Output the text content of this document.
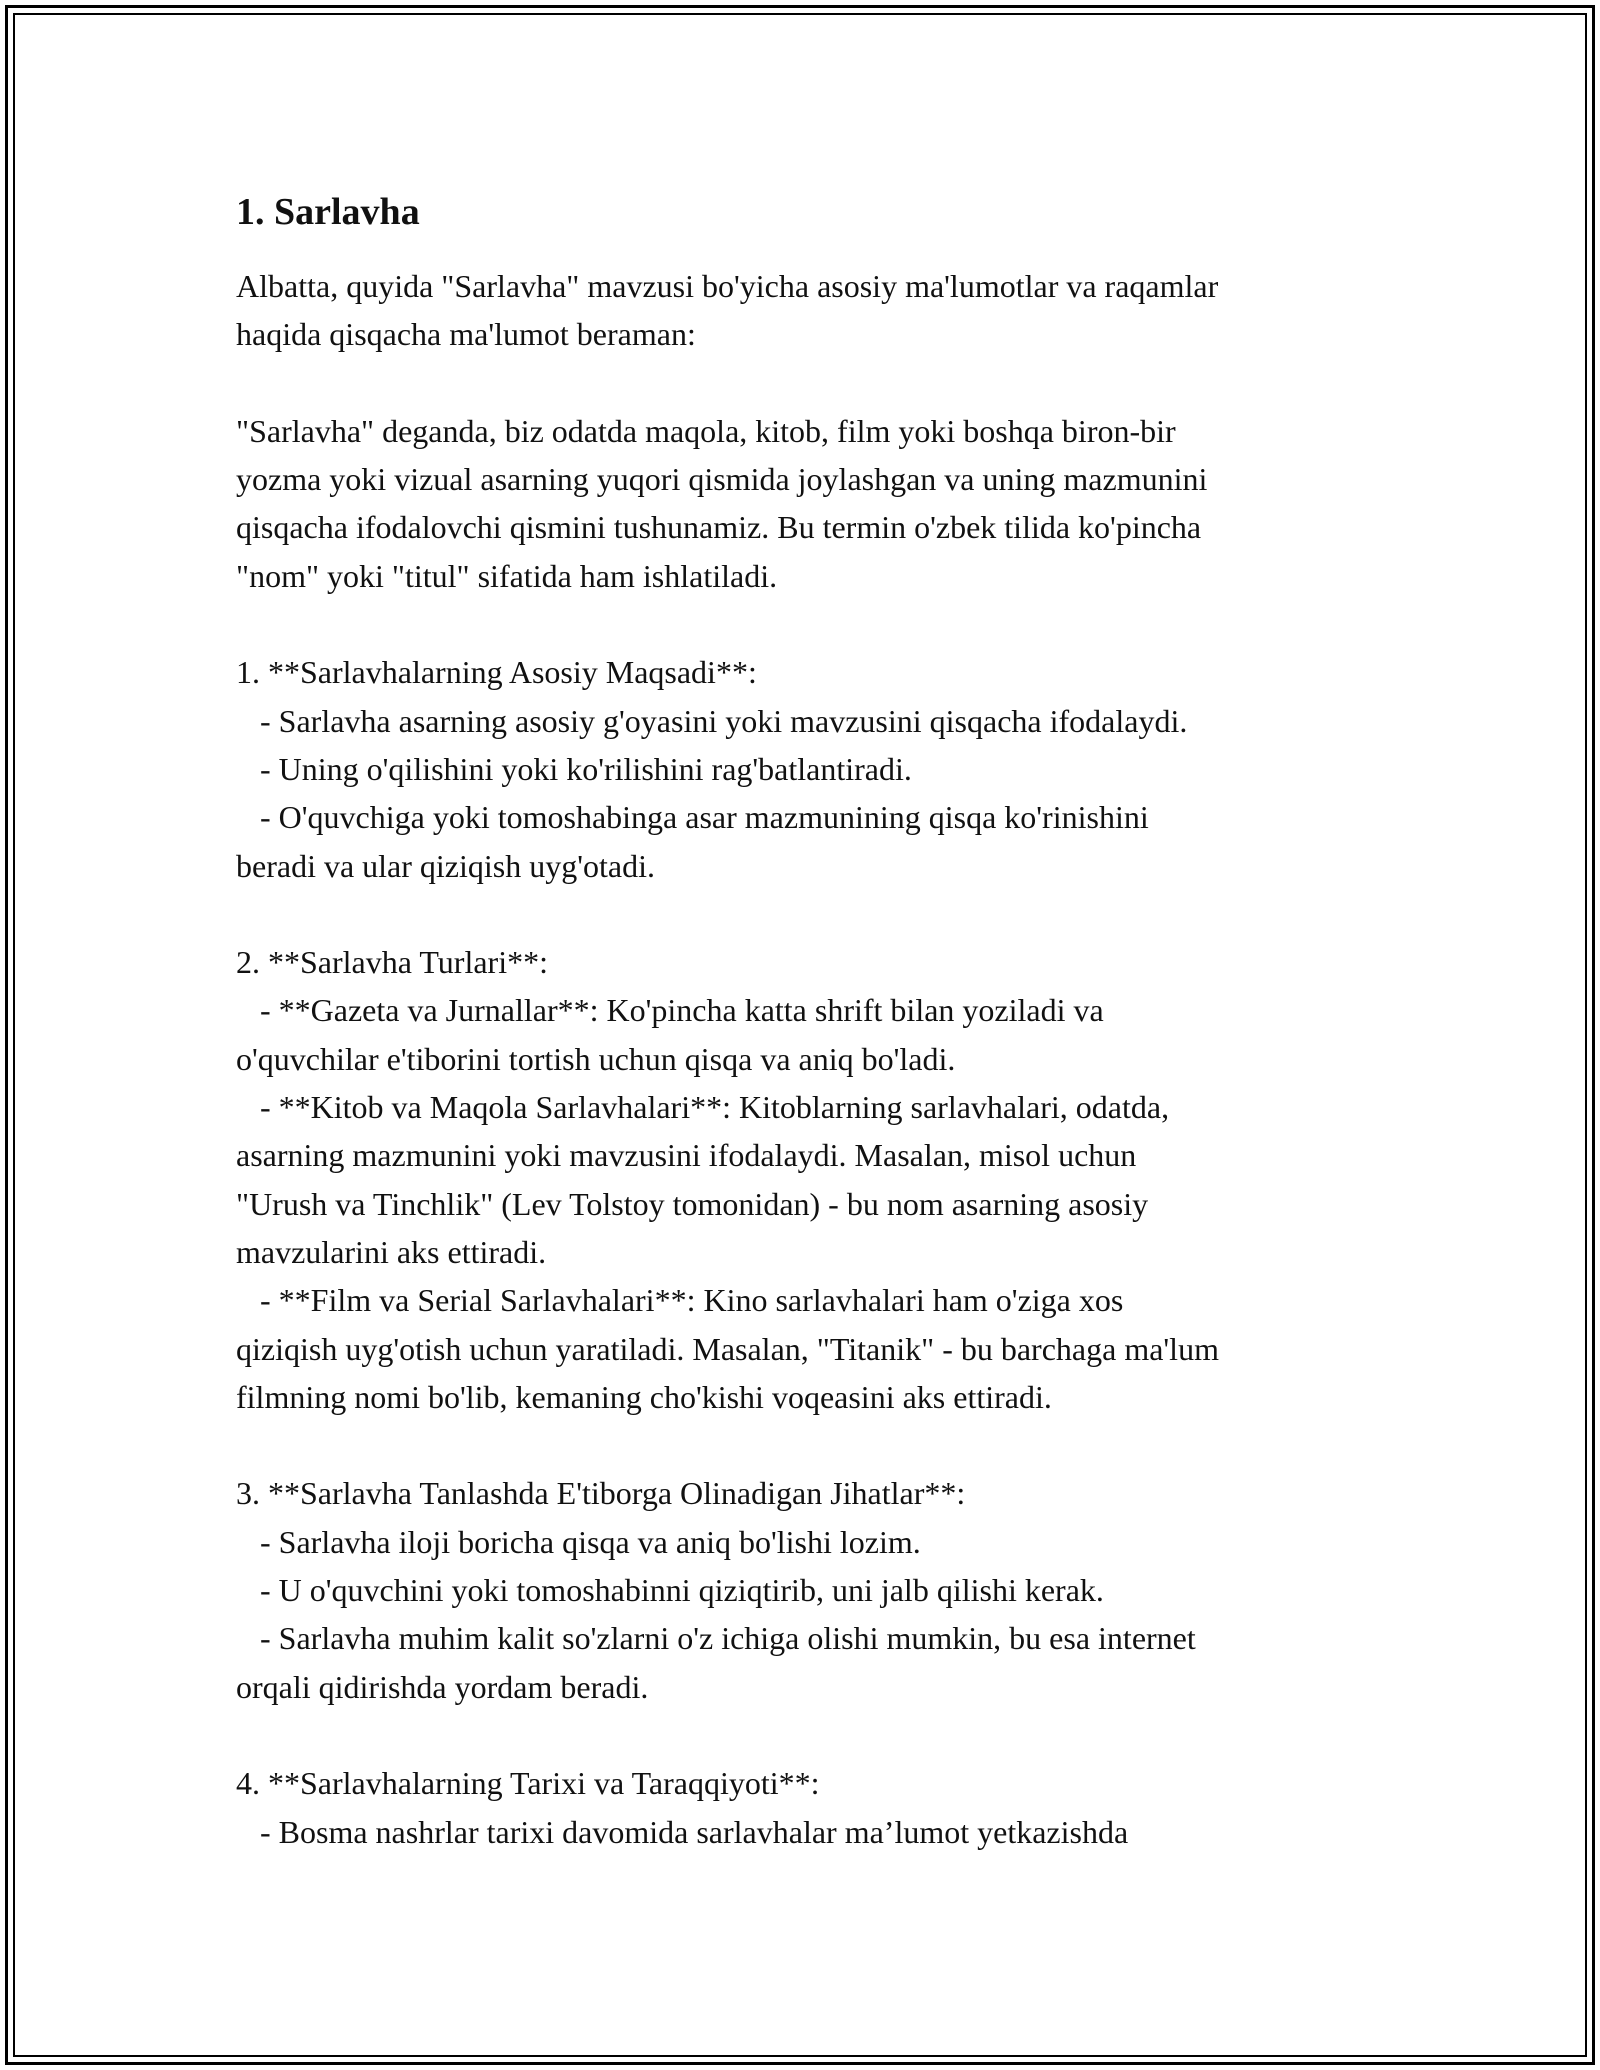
1. Sarlavha

Albatta, quyida "Sarlavha" mavzusi bo'yicha asosiy ma'lumotlar va raqamlar

haqida qisqacha ma'lumot beraman:

"Sarlavha" deganda, biz odatda maqola, kitob, film yoki boshqa biron-bir

yozma yoki vizual asarning yuqori qismida joylashgan va uning mazmunini

qisqacha ifodalovchi qismini tushunamiz. Bu termin o'zbek tilida ko'pincha

"nom" yoki "titul" sifatida ham ishlatiladi.

1. **Sarlavhalarning Asosiy Maqsadi**:

- Sarlavha asarning asosiy g'oyasini yoki mavzusini qisqacha ifodalaydi.

- Uning o'qilishini yoki ko'rilishini rag'batlantiradi.

- O'quvchiga yoki tomoshabinga asar mazmunining qisqa ko'rinishini

beradi va ular qiziqish uyg'otadi.

2. **Sarlavha Turlari**:

- **Gazeta va Jurnallar**: Ko'pincha katta shrift bilan yoziladi va

o'quvchilar e'tiborini tortish uchun qisqa va aniq bo'ladi.

- **Kitob va Maqola Sarlavhalari**: Kitoblarning sarlavhalari, odatda,

asarning mazmunini yoki mavzusini ifodalaydi. Masalan, misol uchun

"Urush va Tinchlik" (Lev Tolstoy tomonidan) - bu nom asarning asosiy

mavzularini aks ettiradi.

- **Film va Serial Sarlavhalari**: Kino sarlavhalari ham o'ziga xos

qiziqish uyg'otish uchun yaratiladi. Masalan, "Titanik" - bu barchaga ma'lum

filmning nomi bo'lib, kemaning cho'kishi voqeasini aks ettiradi.

3. **Sarlavha Tanlashda E'tiborga Olinadigan Jihatlar**:

- Sarlavha iloji boricha qisqa va aniq bo'lishi lozim.

- U o'quvchini yoki tomoshabinni qiziqtirib, uni jalb qilishi kerak.

- Sarlavha muhim kalit so'zlarni o'z ichiga olishi mumkin, bu esa internet

orqali qidirishda yordam beradi.

4. **Sarlavhalarning Tarixi va Taraqqiyoti**:

- Bosma nashrlar tarixi davomida sarlavhalar ma’lumot yetkazishda
